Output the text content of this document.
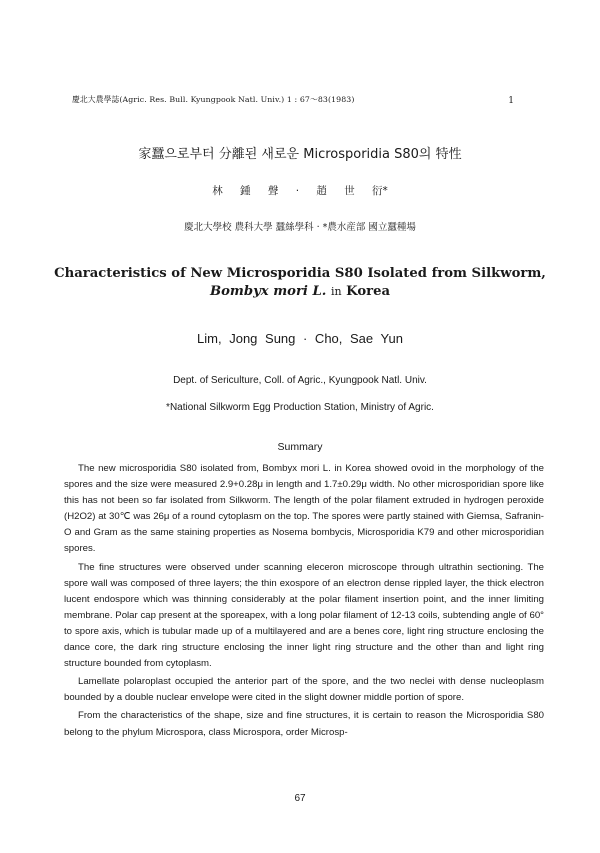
慶北大農學誌(Agric. Res. Bull. Kyungpook Natl. Univ.) 1 : 67～83(1983)	1
家蠶으로부터 分離된 새로운 Microsporidia S80의 特性
林 鍾 聲 · 趙 世 衍*
慶北大學校 農科大學 蠶絲學科 · *農水産部 國立蠶種場
Characteristics of New Microsporidia S80 Isolated from Silkworm,
Bombyx mori L. in Korea
Lim, Jong Sung · Cho, Sae Yun
Dept. of Sericulture, Coll. of Agric., Kyungpook Natl. Univ.
*National Silkworm Egg Production Station, Ministry of Agric.
Summary

The new microsporidia S80 isolated from, Bombyx mori L. in Korea showed ovoid in the morphology of the spores and the size were measured 2.9+0.28μ in length and 1.7±0.29μ width. No other microsporidian spore like this has not been so far isolated from Silkworm. The length of the polar filament extruded in hydrogen peroxide (H2O2) at 30℃ was 26μ of a round cytoplasm on the top. The spores were partly stained with Giemsa, Safranin-O and Gram as the same staining properties as Nosema bombycis, Microsporidia K79 and other microsporidian spores.

The fine structures were observed under scanning eleceron microscope through ultrathin sectioning. The spore wall was composed of three layers; the thin exospore of an electron dense rippled layer, the thick electron lucent endospore which was thinning considerably at the polar filament insertion point, and the inner limiting membrane. Polar cap present at the sporeapex, with a long polar filament of 12-13 coils, subtending angle of 60° to spore axis, which is tubular made up of a multilayered and are a benes core, light ring structure enclosing the dance core, the dark ring structure enclosing the inner light ring structure and the other than and light ring structure bounded from cytoplasm.

Lamellate polaroplast occupied the anterior part of the spore, and the two neclei with dense nucleoplasm bounded by a double nuclear envelope were cited in the slight downer middle portion of spore.

From the characteristics of the shape, size and fine structures, it is certain to reason the Microsporidia S80 belong to the phylum Microspora, class Microspora, order Microsp-

67
